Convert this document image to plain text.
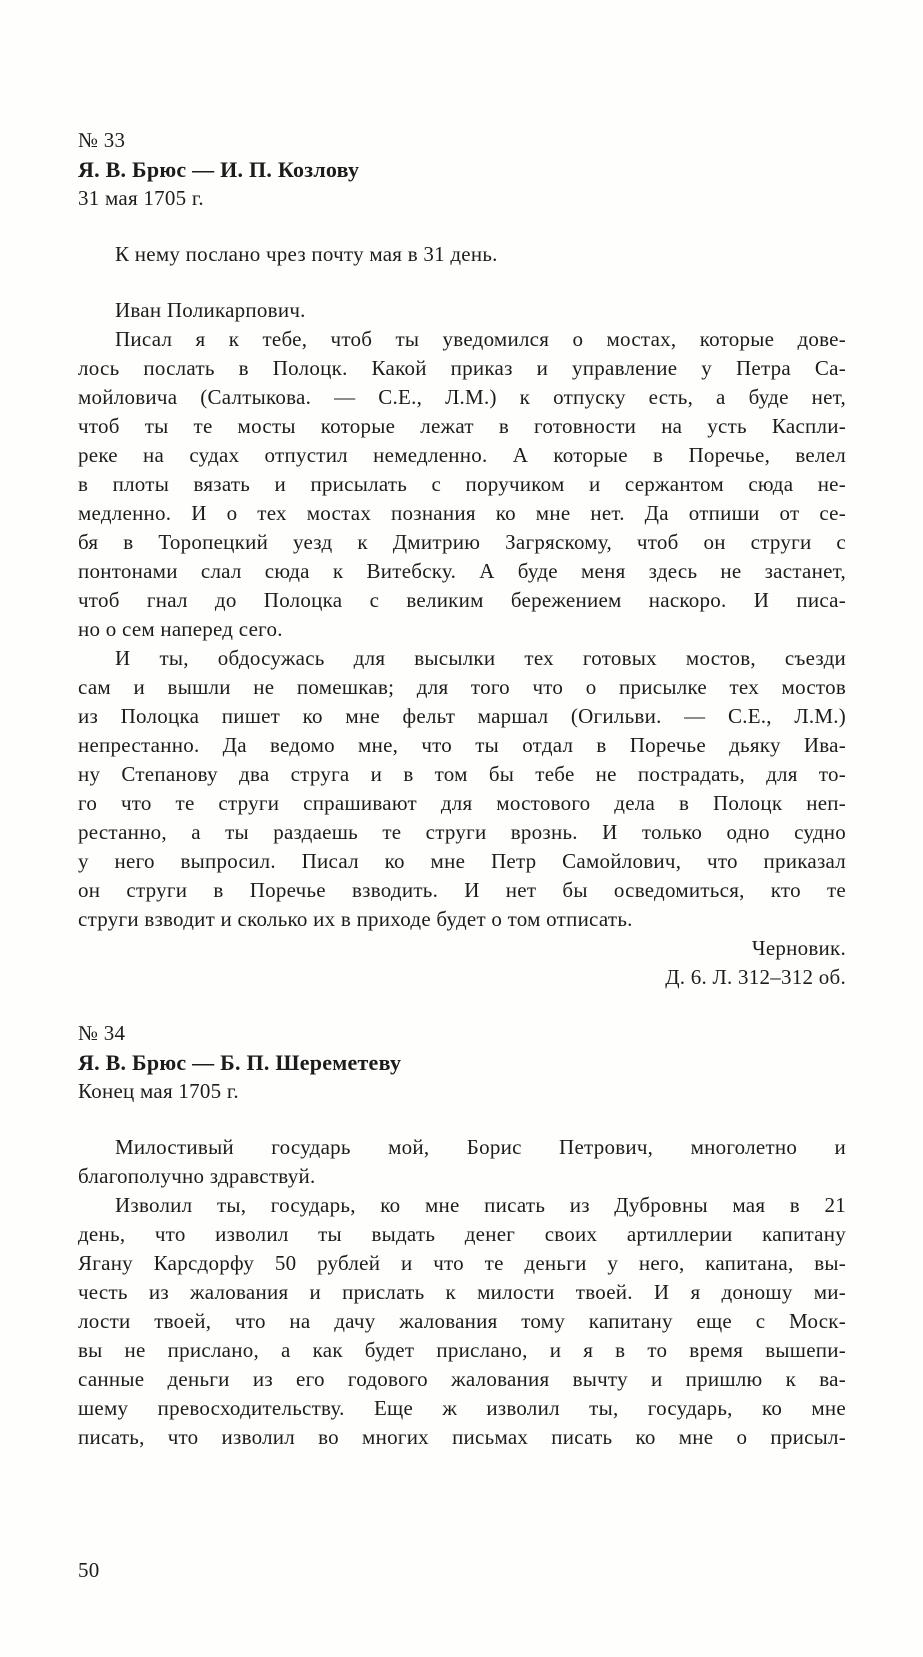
№ 33
Я. В. Брюс — И. П. Козлову
31 мая 1705 г.
К нему послано чрез почту мая в 31 день.
Иван Поликарпович.
Писал я к тебе, чтоб ты уведомился о мостах, которые дове-
лось послать в Полоцк. Какой приказ и управление у Петра Са-
мойловича (Салтыкова. — С.Е., Л.М.) к отпуску есть, а буде нет,
чтоб ты те мосты которые лежат в готовности на усть Каспли-
реке на судах отпустил немедленно. А которые в Поречье, велел
в плоты вязать и присылать с поручиком и сержантом сюда не-
медленно. И о тех мостах познания ко мне нет. Да отпиши от се-
бя в Торопецкий уезд к Дмитрию Загряскому, чтоб он струги с
понтонами слал сюда к Витебску. А буде меня здесь не застанет,
чтоб гнал до Полоцка с великим бережением наскоро. И писа-
но о сем наперед сего.
И ты, обдосужась для высылки тех готовых мостов, съезди
сам и вышли не помешкав; для того что о присылке тех мостов
из Полоцка пишет ко мне фельт маршал (Огильви. — С.Е., Л.М.)
непрестанно. Да ведомо мне, что ты отдал в Поречье дьяку Ива-
ну Степанову два струга и в том бы тебе не пострадать, для то-
го что те струги спрашивают для мостового дела в Полоцк неп-
рестанно, а ты раздаешь те струги врознь. И только одно судно
у него выпросил. Писал ко мне Петр Самойлович, что приказал
он струги в Поречье взводить. И нет бы осведомиться, кто те
струги взводит и сколько их в приходе будет о том отписать.
Черновик.
Д. 6. Л. 312–312 об.
№ 34
Я. В. Брюс — Б. П. Шереметеву
Конец мая 1705 г.
Милостивый государь мой, Борис Петрович, многолетно и
благополучно здравствуй.
Изволил ты, государь, ко мне писать из Дубровны мая в 21
день, что изволил ты выдать денег своих артиллерии капитану
Ягану Карсдорфу 50 рублей и что те деньги у него, капитана, вы-
честь из жалования и прислать к милости твоей. И я доношу ми-
лости твоей, что на дачу жалования тому капитану еще с Моск-
вы не прислано, а как будет прислано, и я в то время вышепи-
санные деньги из его годового жалования вычту и пришлю к ва-
шему превосходительству. Еще ж изволил ты, государь, ко мне
писать, что изволил во многих письмах писать ко мне о присыл-
50
